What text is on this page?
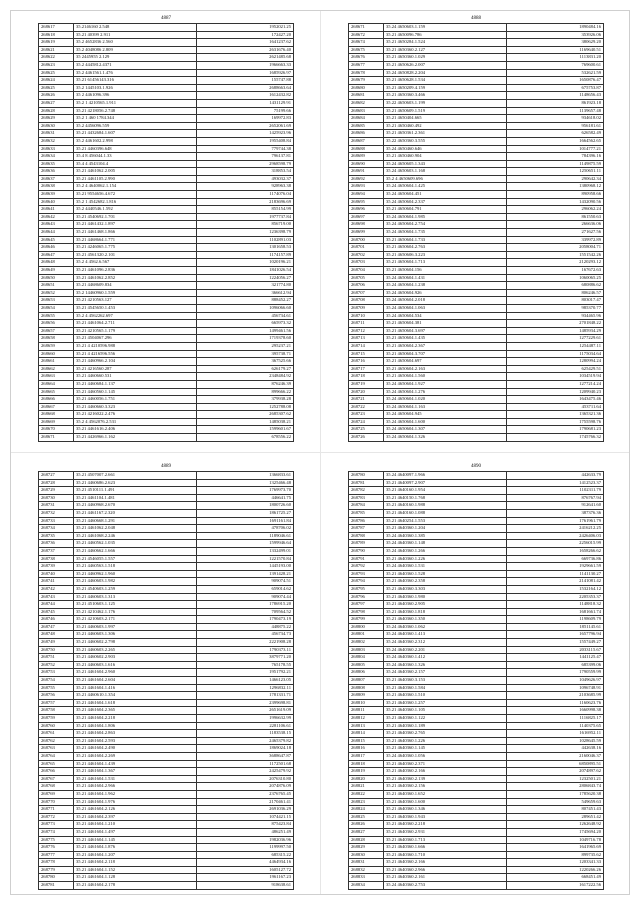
4887
268617	35.2146160 2.548	1952021.25
268618	35.21 40399 2.911	172427.20
268619	35.2 4652836 2.560	1641237.62
268621	35.2 4048086 2.809	2631676.40
268622	35 2445955 2.129	2621485.68
268623	35.2 4445812.4371	1966663.33
268625	35.2 4461561.1.476	1685926.97
268624	35.21 61456143.316	155747.88
268625	35.2 1445103.1.926	2688663.64
268626	35 2 4461096.396	1612432.82
268627	35.2 1 4210565.1.911	1431129.91
268628	35.21 4218056.2.748	75199.66
268629	35.2 1 460 1784.344	169972.83
268630	35.2 4456096.559	2652061.69
268631	35.21 4432684.1.607	1425923.96
268632	35.2 4461602.2.998	1955408.84
268633	35.21 4460396.648	779744.38
268634	35.4 8 456044.1.33	796137.81
268635	35.4 4 4543104.4	2968598.79
268636	35.21 4461062.2.005	318853.54
268637	35.21 4461105.2.990	493032.37
268638	35.2 4 4640062.1.154	928963.38
268639	35.21 9554656.4.672	1174076.04
268640	35.2 1 4542682.1.816	2183696.69
268641	35.2 4440546.1.592	855154.99
268642	35.21 4540692.1.701	1977737.84
268643	35.21 4461432.1.897	856719.00
268644	35.21 4461468.1.866	1236398.79
268645	35.21 4468664.1.771	1102891.03
268646	35.21 4246065.1.775	1301658.53
268647	35.21 4561320.2.101	1174157.89
268648	35.2 4 4562.6.567	1020196.21
268649	35.21 4461096.2.836	1841026.54
268650	35.21 4461062.2.852	1224056.27
268651	35.21 4468609.834	321774.80
268652	35.2 14460960.1.559	366612.94
268653	35.21 4210563.127	888452.27
268654	35.21 4545650.1.453	1096066.60
268655	35.2 4 4562262.697	456734.61
268656	35.21 4461064.2.711	665973.32
268657	35.21 4210565.1.179	1499461.56
268658	35.21 4504067.296	1719378.60
268659	35.21 4 4210596.988	295237.21
268660	35.21 4 4216596.556	395738.71
268661	35.21 4460966.2.104	367525.66
268662	35.21 4216560.287	626179.27
268663	35.21 4460660.531	2348484.92
268664	35.21 4460684.1.137	876246.39
268665	35.21 4460560.1.145	899666.22
268666	35.21 4460056.1.751	379938.28
268667	35.21 4460660.3.323	1252788.08
268668	35.21 4216022.2.476	2685307.62
268669	35.2 4 4562076.2.531	1485038.21
268670	35.21 4461616.2.406	1599601.67
268671	35.21 4426966.1.162	678556.22
4888
268671	35.24 4650603.1.159	1890484.16
268672	35.21 4650096.786	353926.06
268674	35.21 4650284.1.524	380629.20
268675	35.21 4650360.2.127	1169640.51
268676	35.21 4650360.1.029	1113831.20
268677	35.21 4650626.2.007	769600.61
268678	35.24 4650828.2.204	532621.59
268679	35.21 4650628.1.534	1650876.47
268680	35.21 4650209.4.159	675753.87
268681	35.21 4650360.3.466	1148656.43
268682	35.22 4650603.1.199	861923.18
268683	35.21 4650609.1.519	1139657.48
268684	35.21 4650404.665	934618.02
268685	35.21 4650460.492	956181.61
268686	35.21 4650361.2.361	626582.49
268687	35.22 4650360.3.555	1664562.65
268688	35.24 4650460.646	1014777.21
268689	35.21 4650460.904	784396.16
268690	35.24 4650605.1.343	1149875.59
268691	35.24 4650603.1.168	1250651.11
268692	35.2 4 4650609.696	290642.34
268693	35.24 4650604.1.425	1380968.12
268694	35.24 4650604.451	890958.66
268695	35.24 4650604.2.337	1432090.56
268696	35.21 4650604.791	296062.24
268697	35.24 4650604.1.985	861550.63
268698	35.24 4650604.2.754	266636.06
268699	35.24 4650604.1.735	271627.56
268700	35.21 4650604.1.733	339972.89
268701	35.21 4650604.2.763	2058004.71
268702	35.21 4650606.3.223	1551542.26
268703	35.21 4650604.1.713	2120293.12
268704	35.21 4650604.156	167672.63
268705	35.24 4650604.1.431	1060065.25
268706	35.24 4650604.1.238	680886.62
268707	35.24 4650604.926	806246.57
268708	35.24 4650604.2.018	803017.47
268709	35.24 4650604.1.063	985370.77
268710	35.24 4650604.534	934465.96
268711	35.21 4650604.381	2701848.22
268712	35.21 4650604.3.697	1485934.29
268713	35.21 4650604.1.435	1277229.61
268714	35.21 4650604.2.367	1254487.11
268715	35.21 4650604.3.707	1175034.64
268716	35.21 4650604.697	1280994.24
268717	35.21 4650604.2.163	625429.51
268718	35.21 4650604.1.560	1034519.94
268719	35.24 4650604.1.927	1277214.24
268720	35.24 4650604.1.276	1209940.23
268721	35.24 4650604.1.020	1643475.46
268722	35.24 4650604.1.163	453711.64
268723	35.24 4650604.945	1365321.36
268724	35.24 4650604.1.600	1755598.76
268725	35.24 4650604.1.307	1790681.23
268726	35.24 4650604.1.326	1745766.32
4889
268727	35.21 4507007.2.661	1366833.61
268728	35.21 4460686.2.623	1325466.48
268729	35.21 4510111.1.491	1769973.70
268730	35.21 4461104.1.481	446641.75
268731	35.21 4460968.2.670	1800726.60
268732	35.21 4461167.2.320	1861725.27
268733	35.21 4460668.1.291	1691161.84
268734	35.21 4461062.2.048	478706.02
268735	35.21 4461068.2.246	1189046.61
268736	35.21 4460562.1.035	1599946.64
268737	35.21 4460662.1.666	1332499.01
268738	35.21 4546055.1.557	1221570.84
268739	35.21 4460563.1.518	1445193.00
268740	35.21 4460962.1.960	1391428.21
268741	35.21 4460603.1.982	909074.51
268742	35.21 4540603.1.259	659014.62
268743	35.21 4460603.1.313	909074.44
268744	35.21 4510603.1.125	1786915.20
268745	35.21 4210462.1.176	709564.52
268746	35.21 4210603.2.171	1790473.19
268747	35.21 4460603.1.997	448875.22
268748	35.21 4460603.1.306	456734.73
268749	35.21 4460602.2.798	2221908.28
268750	35.21 4460603.2.265	1790373.11
268751	35.21 4460602.2.903	3879771.20
268752	35.21 4460603.1.616	765178.55
268753	35.21 4461604.2.960	1951792.21
268754	35.21 4461604.2.604	1466123.05
268755	35.21 4461604.1.416	1296832.11
268756	35.21 4460610.1.354	1781331.71
268757	35.21 4461604.1.618	2399698.81
268758	35.21 4461604.2.365	2651619.09
268759	35.21 4461604.2.218	1996632.99
268760	35.21 4461604.1.806	2281106.61
268761	35.21 4461604.2.863	1183538.15
268762	35.21 4461604.2.593	2465379.82
268763	35.21 4461604.2.490	1869024.18
268764	35.21 4461604.2.269	3688647.87
268765	35.21 4461604.1.439	1172501.68
268766	35.21 4461604.1.367	2425479.92
268767	35.21 4461604.1.531	2076310.80
268768	35.21 4461604.2.966	2074876.09
268769	35.21 4461604.1.962	2376765.45
268770	35.21 4461604.1.976	2170461.41
268771	35.21 4461604.2.126	2691036.29
268772	35.21 4461604.2.397	1074421.15
268773	35.21 4461604.1.210	875423.84
268774	35.21 4461604.1.497	486251.49
268775	35.21 4461604.1.145	1982036.96
268776	35.21 4461604.1.876	1199997.50
268777	35.21 4461604.1.207	685315.22
268778	35.21 4461604.2.118	4464934.16
268779	35.21 4461604.1.152	1605127.72
268780	35.21 4461604.1.128	1961167.23
268781	35.21 4461604.2.178	918638.61
4890
268780	35.24 4640097.1.966	442633.79
268781	35.21 4640097.2.907	1412523.37
268782	35.21 4640160.1.954	1102311.79
268783	35.21 4640150.1.768	876767.94
268784	35.21 4640160.1.988	912641.60
268785	35.21 4640160.1.088	387376.36
268786	35.21 4640254.1.553	1761961.79
268787	35.21 4640360.1.204	2416212.25
268788	35.24 4640360.1.385	2426406.03
268789	35.24 4640360.1.148	2256015.99
268790	35.24 4640360.1.266	1658266.62
268791	35.21 4640360.1.226	669736.86
268792	35.24 4640360.1.531	1929661.59
268793	35.21 4640360.1.528	1141130.27
268794	35.21 4640360.2.358	2141081.42
268795	35.21 4640360.3.303	1532164.12
268796	35.21 4640360.1.980	2205353.37
268797	35.21 4640360.2.905	1148818.32
268798	35.21 4640360.1.818	1681661.74
268799	35.21 4640360.1.350	1198609.79
268800	35.24 4640360.1.062	1851145.61
268801	35.24 4640360.1.413	1657796.94
268802	35.24 4640360.2.312	1557449.27
268803	35.24 4640360.2.201	2033115.67
268804	35.24 4640360.1.412	1441125.47
268805	35.24 4640360.1.326	685399.06
268806	35.24 4640360.2.157	1790559.99
268807	35.21 4640360.3.153	1049626.97
268808	35.21 4640360.1.584	1096748.91
268809	35.21 4640360.1.510	2103685.99
268810	35.21 4640360.1.257	1160623.76
268811	35.21 4640360.1.105	1660998.38
268812	35.21 4640360.1.122	1116825.17
268813	35.21 4640360.1.189	1140375.65
268814	35.21 4640360.2.765	1616952.11
268815	35.21 4640360.1.226	1028645.59
268816	35.21 4640360.1.145	442638.16
268817	35.24 4640360.1.056	2160046.37
268818	35.21 4640360.2.371	6850895.51
268819	35.21 4640360.2.166	2074897.62
268820	35.21 4640360.2.139	1232501.21
268821	35.21 4640360.2.156	2806843.74
268822	35.21 4640360.1.652	1785620.38
268823	35.21 4640360.1.600	549659.63
268824	35.21 4640360.1.346	807451.43
268825	35.21 4640360.1.943	289651.42
268826	35.21 4640360.2.218	1262648.92
268827	35.21 4640360.2.931	1745694.20
268828	35.21 4640360.1.713	1049716.78
268829	35.21 4640360.1.666	1641965.69
268830	35.21 4640360.1.710	899735.62
268831	35.21 4640360.2.166	1203341.33
268832	35.21 4640360.2.966	1220266.26
268833	35.21 4640360.2.161	668451.49
268834	35.24 4640360.2.753	1617222.56
